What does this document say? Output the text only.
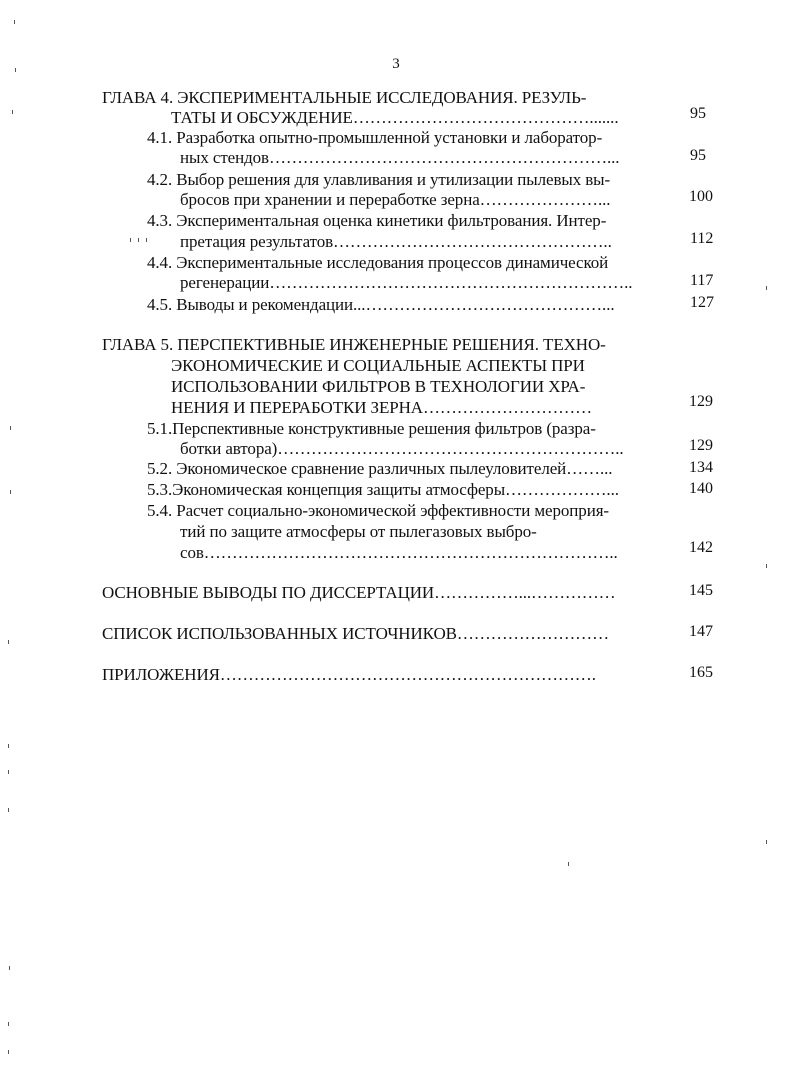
3
ГЛАВА 4. ЭКСПЕРИМЕНТАЛЬНЫЕ ИССЛЕДОВАНИЯ. РЕЗУЛЬ-
ТАТЫ И ОБСУЖДЕНИЕ…………………………………….......	95
4.1. Разработка опытно-промышленной установки и лаборатор-
ных стендов……………………………………………………...	95
4.2. Выбор решения для улавливания и утилизации пылевых вы-
бросов при хранении и переработке зерна…………………...	100
4.3. Экспериментальная оценка кинетики фильтрования. Интер-
претация результатов…………………………………………..	112
4.4. Экспериментальные исследования процессов динамической
регенерации………………………………………………………..	117
4.5. Выводы и рекомендации...……………………………………...	127
ГЛАВА 5. ПЕРСПЕКТИВНЫЕ ИНЖЕНЕРНЫЕ РЕШЕНИЯ. ТЕХНО-
ЭКОНОМИЧЕСКИЕ И СОЦИАЛЬНЫЕ АСПЕКТЫ ПРИ
ИСПОЛЬЗОВАНИИ ФИЛЬТРОВ В ТЕХНОЛОГИИ ХРА-
НЕНИЯ И ПЕРЕРАБОТКИ ЗЕРНА…………………………	129
5.1.Перспективные конструктивные решения фильтров (разра-
ботки автора)……………………………………………………..	129
5.2. Экономическое сравнение различных пылеуловителей……...	134
5.3.Экономическая концепция защиты атмосферы………………...	140
5.4. Расчет социально-экономической эффективности мероприя-
тий по защите атмосферы от пылегазовых выбро-
сов………………………………………………………………..	142
ОСНОВНЫЕ ВЫВОДЫ ПО ДИССЕРТАЦИИ……………...……………	145
СПИСОК ИСПОЛЬЗОВАННЫХ ИСТОЧНИКОВ………………………	147
ПРИЛОЖЕНИЯ………………………………………………………….	165
